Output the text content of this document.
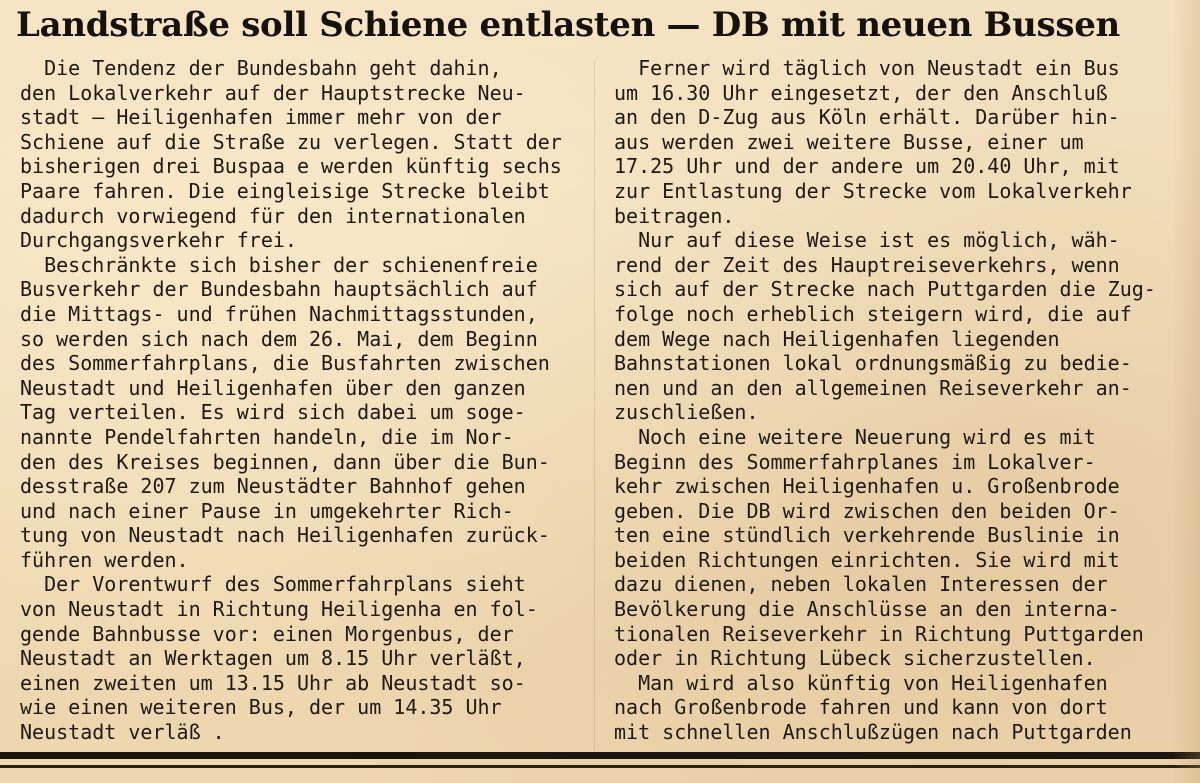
Landstraße soll Schiene entlasten — DB mit neuen Bussen

Die Tendenz der Bundesbahn geht dahin,
den Lokalverkehr auf der Hauptstrecke Neu-
stadt — Heiligenhafen immer mehr von der
Schiene auf die Straße zu verlegen. Statt der
bisherigen drei Buspaa e werden künftig sechs
Paare fahren. Die eingleisige Strecke bleibt
dadurch vorwiegend für den internationalen
Durchgangsverkehr frei.

Beschränkte sich bisher der schienenfreie
Busverkehr der Bundesbahn hauptsächlich auf
die Mittags- und frühen Nachmittagsstunden,
so werden sich nach dem 26. Mai, dem Beginn
des Sommerfahrplans, die Busfahrten zwischen
Neustadt und Heiligenhafen über den ganzen
Tag verteilen. Es wird sich dabei um soge-
nannte Pendelfahrten handeln, die im Nor-
den des Kreises beginnen, dann über die Bun-
desstraße 207 zum Neustädter Bahnhof gehen
und nach einer Pause in umgekehrter Rich-
tung von Neustadt nach Heiligenhafen zurück-
führen werden.

Der Vorentwurf des Sommerfahrplans sieht
von Neustadt in Richtung Heiligenha en fol-
gende Bahnbusse vor: einen Morgenbus, der
Neustadt an Werktagen um 8.15 Uhr verläßt,
einen zweiten um 13.15 Uhr ab Neustadt so-
wie einen weiteren Bus, der um 14.35 Uhr
Neustadt verläß .

Ferner wird täglich von Neustadt ein Bus
um 16.30 Uhr eingesetzt, der den Anschluß
an den D-Zug aus Köln erhält. Darüber hin-
aus werden zwei weitere Busse, einer um
17.25 Uhr und der andere um 20.40 Uhr, mit
zur Entlastung der Strecke vom Lokalverkehr
beitragen.

Nur auf diese Weise ist es möglich, wäh-
rend der Zeit des Hauptreiseverkehrs, wenn
sich auf der Strecke nach Puttgarden die Zug-
folge noch erheblich steigern wird, die auf
dem Wege nach Heiligenhafen liegenden
Bahnstationen lokal ordnungsmäßig zu bedie-
nen und an den allgemeinen Reiseverkehr an-
zuschließen.

Noch eine weitere Neuerung wird es mit
Beginn des Sommerfahrplanes im Lokalver-
kehr zwischen Heiligenhafen u. Großenbrode
geben. Die DB wird zwischen den beiden Or-
ten eine stündlich verkehrende Buslinie in
beiden Richtungen einrichten. Sie wird mit
dazu dienen, neben lokalen Interessen der
Bevölkerung die Anschlüsse an den interna-
tionalen Reiseverkehr in Richtung Puttgarden
oder in Richtung Lübeck sicherzustellen.

Man wird also künftig von Heiligenhafen
nach Großenbrode fahren und kann von dort
mit schnellen Anschlußzügen nach Puttgarden
